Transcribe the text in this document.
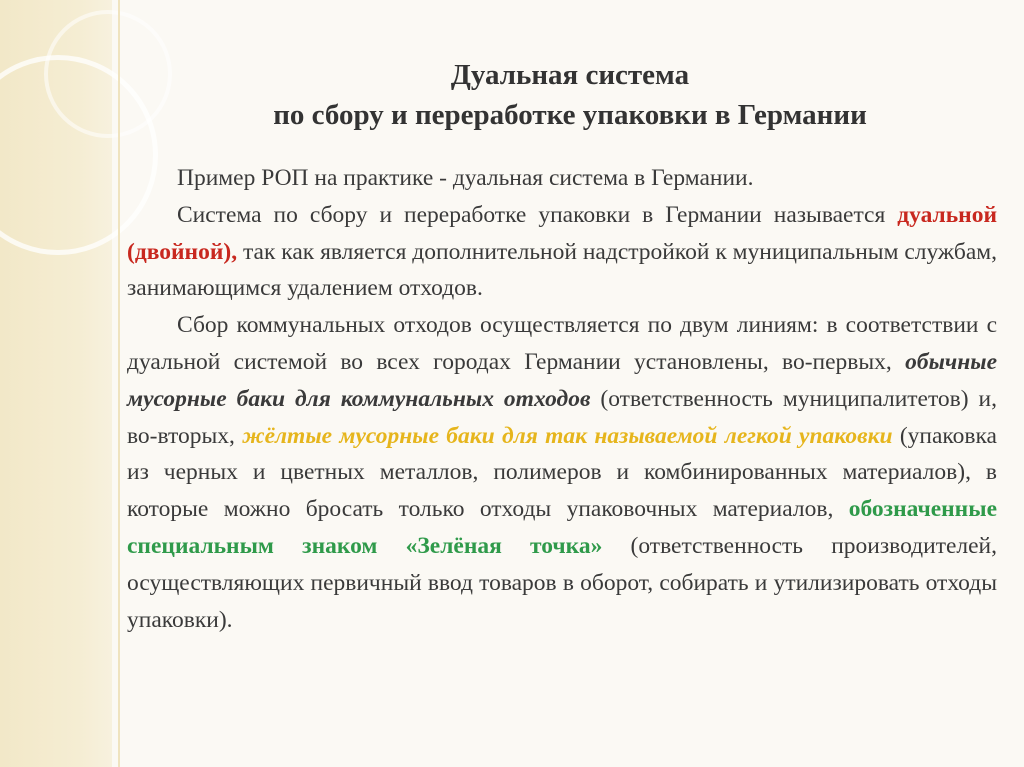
Дуальная система
по сбору и переработке упаковки в Германии

Пример РОП на практике - дуальная система в Германии.

Система по сбору и переработке упаковки в Германии называется дуальной (двойной), так как является дополнительной надстройкой к муниципальным службам, занимающимся удалением отходов.

Сбор коммунальных отходов осуществляется по двум линиям: в соответствии с дуальной системой во всех городах Германии установлены, во-первых, обычные мусорные баки для коммунальных отходов (ответственность муниципалитетов) и, во-вторых, жёлтые мусорные баки для так называемой легкой упаковки (упаковка из черных и цветных металлов, полимеров и комбинированных материалов), в которые можно бросать только отходы упаковочных материалов, обозначенные специальным знаком «Зелёная точка» (ответственность производителей, осуществляющих первичный ввод товаров в оборот, собирать и утилизировать отходы упаковки).
